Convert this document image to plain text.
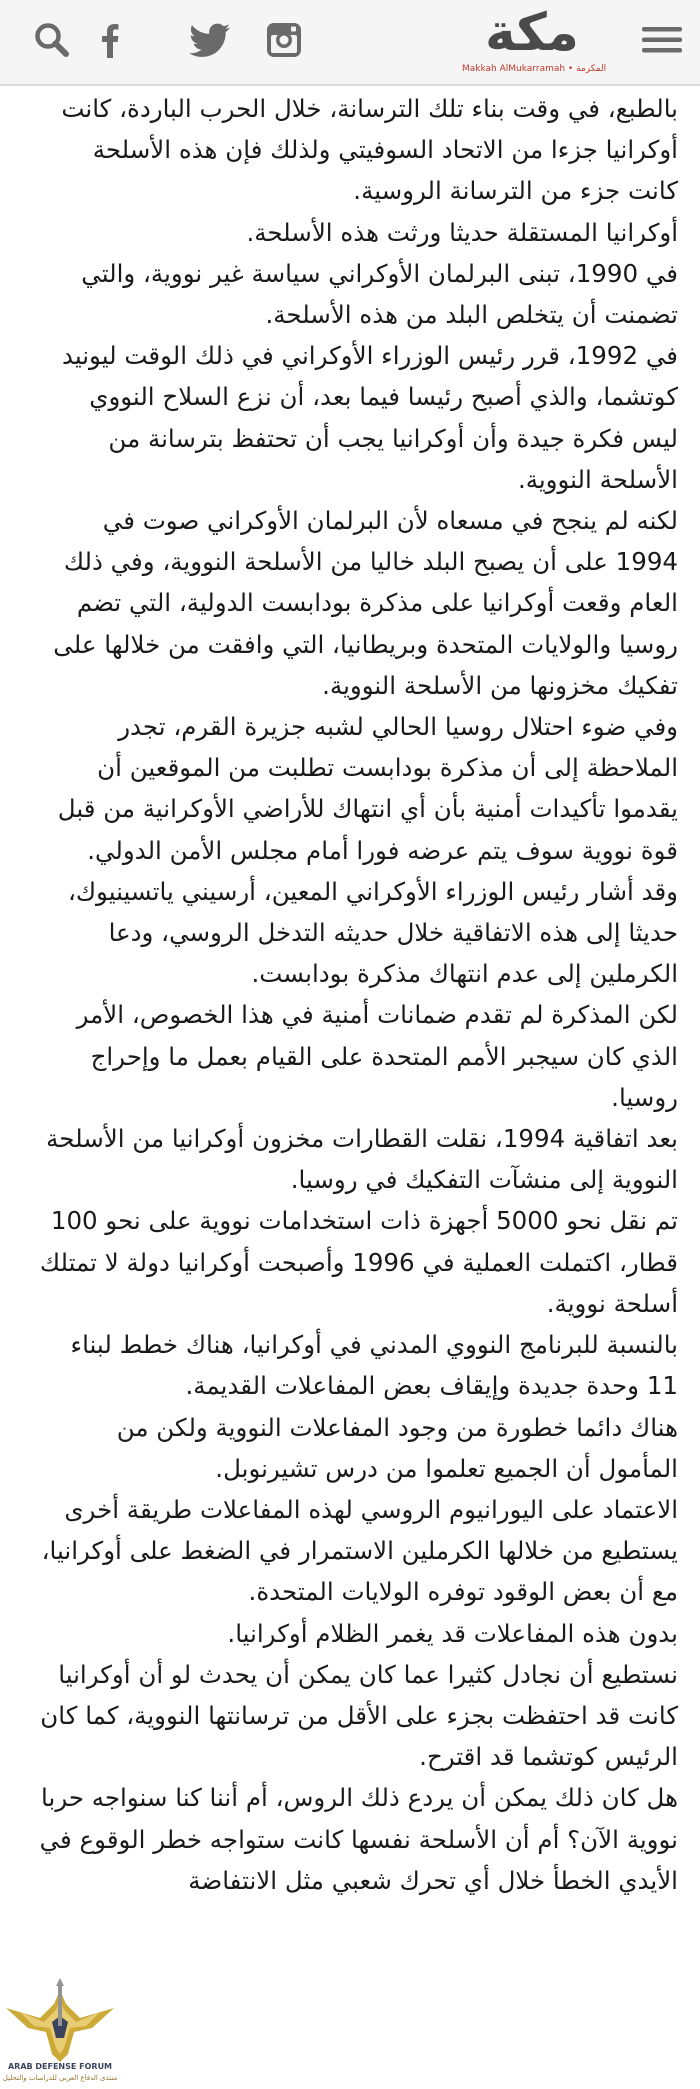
مكة
Makkah AlMukarramah • المكرمة

بالطبع، في وقت بناء تلك الترسانة، خلال الحرب الباردة، كانت أوكرانيا جزءا من الاتحاد السوفيتي ولذلك فإن هذه الأسلحة كانت جزء من الترسانة الروسية.

أوكرانيا المستقلة حديثا ورثت هذه الأسلحة.

في 1990، تبنى البرلمان الأوكراني سياسة غير نووية، والتي تضمنت أن يتخلص البلد من هذه الأسلحة.

في 1992، قرر رئيس الوزراء الأوكراني في ذلك الوقت ليونيد كوتشما، والذي أصبح رئيسا فيما بعد، أن نزع السلاح النووي ليس فكرة جيدة وأن أوكرانيا يجب أن تحتفظ بترسانة من الأسلحة النووية.

لكنه لم ينجح في مسعاه لأن البرلمان الأوكراني صوت في 1994 على أن يصبح البلد خاليا من الأسلحة النووية، وفي ذلك العام وقعت أوكرانيا على مذكرة بودابست الدولية، التي تضم روسيا والولايات المتحدة وبريطانيا، التي وافقت من خلالها على تفكيك مخزونها من الأسلحة النووية.

وفي ضوء احتلال روسيا الحالي لشبه جزيرة القرم، تجدر الملاحظة إلى أن مذكرة بودابست تطلبت من الموقعين أن يقدموا تأكيدات أمنية بأن أي انتهاك للأراضي الأوكرانية من قبل قوة نووية سوف يتم عرضه فورا أمام مجلس الأمن الدولي.

وقد أشار رئيس الوزراء الأوكراني المعين، أرسيني ياتسينيوك، حديثا إلى هذه الاتفاقية خلال حديثه التدخل الروسي، ودعا الكرملين إلى عدم انتهاك مذكرة بودابست.

لكن المذكرة لم تقدم ضمانات أمنية في هذا الخصوص، الأمر الذي كان سيجبر الأمم المتحدة على القيام بعمل ما وإحراج روسيا.

بعد اتفاقية 1994، نقلت القطارات مخزون أوكرانيا من الأسلحة النووية إلى منشآت التفكيك في روسيا.

تم نقل نحو 5000 أجهزة ذات استخدامات نووية على نحو 100 قطار، اكتملت العملية في 1996 وأصبحت أوكرانيا دولة لا تمتلك أسلحة نووية.

بالنسبة للبرنامج النووي المدني في أوكرانيا، هناك خطط لبناء 11 وحدة جديدة وإيقاف بعض المفاعلات القديمة.

هناك دائما خطورة من وجود المفاعلات النووية ولكن من المأمول أن الجميع تعلموا من درس تشيرنوبل.

الاعتماد على اليورانيوم الروسي لهذه المفاعلات طريقة أخرى يستطيع من خلالها الكرملين الاستمرار في الضغط على أوكرانيا، مع أن بعض الوقود توفره الولايات المتحدة.

بدون هذه المفاعلات قد يغمر الظلام أوكرانيا.

نستطيع أن نجادل كثيرا عما كان يمكن أن يحدث لو أن أوكرانيا كانت قد احتفظت بجزء على الأقل من ترسانتها النووية، كما كان الرئيس كوتشما قد اقترح.

هل كان ذلك يمكن أن يردع ذلك الروس، أم أننا كنا سنواجه حربا نووية الآن؟ أم أن الأسلحة نفسها كانت ستواجه خطر الوقوع في الأيدي الخطأ خلال أي تحرك شعبي مثل الانتفاضة

ARAB DEFENSE FORUM
منتدى الدفاع العربي للدراسات والتحليل
